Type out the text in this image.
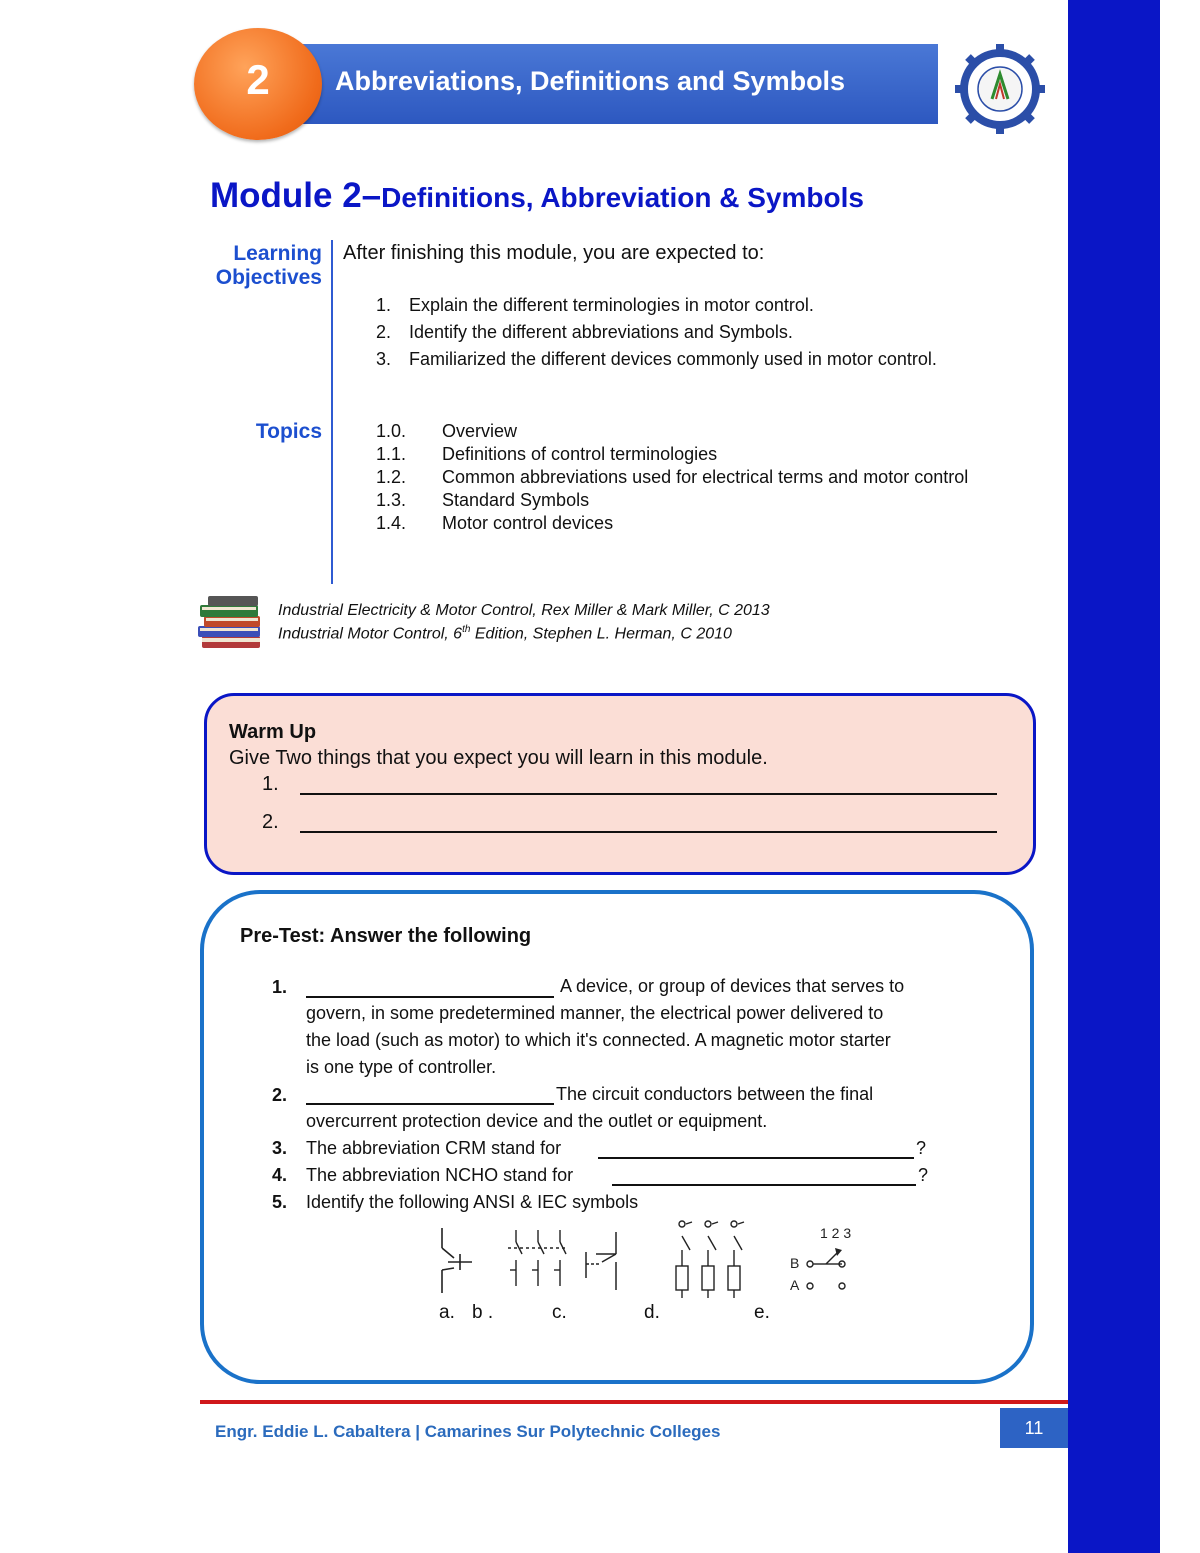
Abbreviations, Definitions and Symbols
2
Module 2–Definitions, Abbreviation & Symbols
Learning
Objectives
After finishing this module, you are expected to:
1. Explain the different terminologies in motor control.
2. Identify the different abbreviations and Symbols.
3. Familiarized the different devices commonly used in motor control.
Topics	1.0.	Overview
1.1.	Definitions of control terminologies
1.2.	Common abbreviations used for electrical terms and motor control
1.3.	Standard Symbols
1.4.	Motor control devices
Industrial Electricity & Motor Control, Rex Miller & Mark Miller, C 2013
Industrial Motor Control, 6th Edition, Stephen L. Herman, C 2010
Warm Up
Give Two things that you expect you will learn in this module.
1.
2.
Pre-Test: Answer the following
1.	A device, or group of devices that serves to
govern, in some predetermined manner, the electrical power delivered to
the load (such as motor) to which it's connected. A magnetic motor starter
is one type of controller.
2.	The circuit conductors between the final
overcurrent protection device and the outlet or equipment.
3. The abbreviation CRM stand for	?
4. The abbreviation NCHO stand for	?
5. Identify the following ANSI & IEC symbols
1 2 3
B
A
a. b .	c.	d.	e.
Engr. Eddie L. Cabaltera | Camarines Sur Polytechnic Colleges	11
